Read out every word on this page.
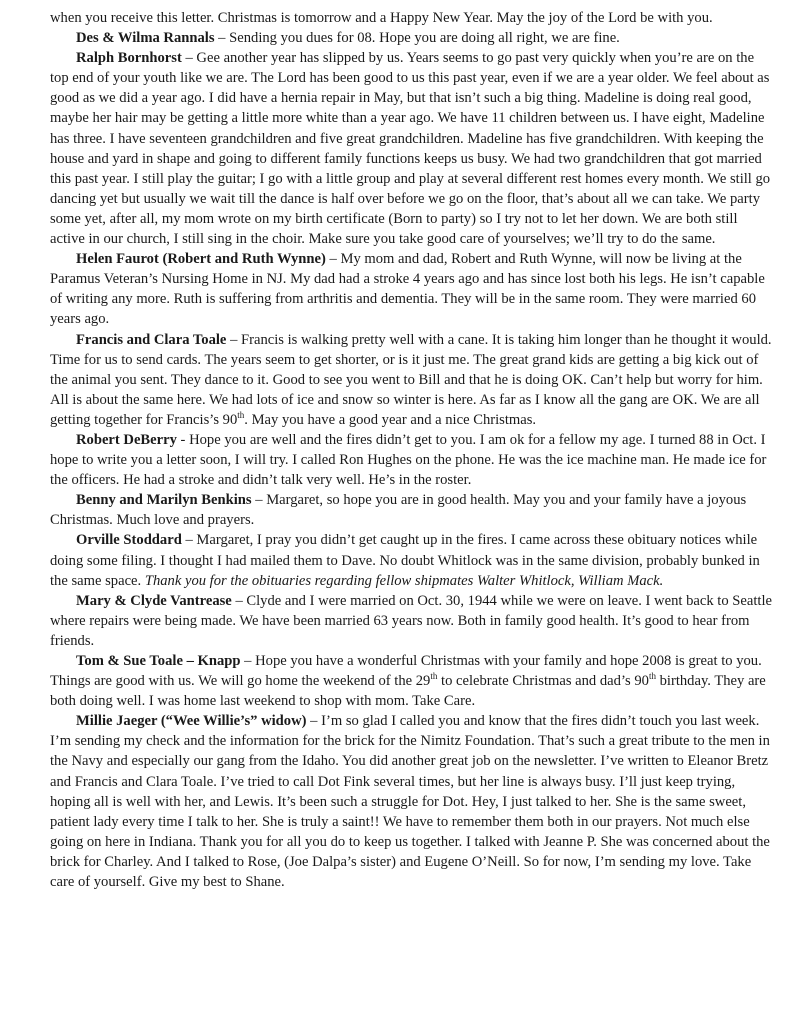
when you receive this letter. Christmas is tomorrow and a Happy New Year. May the joy of the Lord be with you.

Des & Wilma Rannals – Sending you dues for 08. Hope you are doing all right, we are fine.

Ralph Bornhorst – Gee another year has slipped by us. Years seems to go past very quickly when you’re are on the top end of your youth like we are. The Lord has been good to us this past year, even if we are a year older. We feel about as good as we did a year ago. I did have a hernia repair in May, but that isn’t such a big thing. Madeline is doing real good, maybe her hair may be getting a little more white than a year ago. We have 11 children between us. I have eight, Madeline has three. I have seventeen grandchildren and five great grandchildren. Madeline has five grandchildren. With keeping the house and yard in shape and going to different family functions keeps us busy. We had two grandchildren that got married this past year. I still play the guitar; I go with a little group and play at several different rest homes every month. We still go dancing yet but usually we wait till the dance is half over before we go on the floor, that’s about all we can take. We party some yet, after all, my mom wrote on my birth certificate (Born to party) so I try not to let her down. We are both still active in our church, I still sing in the choir. Make sure you take good care of yourselves; we’ll try to do the same.

Helen Faurot (Robert and Ruth Wynne) – My mom and dad, Robert and Ruth Wynne, will now be living at the Paramus Veteran’s Nursing Home in NJ. My dad had a stroke 4 years ago and has since lost both his legs. He isn’t capable of writing any more. Ruth is suffering from arthritis and dementia. They will be in the same room. They were married 60 years ago.

Francis and Clara Toale – Francis is walking pretty well with a cane. It is taking him longer than he thought it would. Time for us to send cards. The years seem to get shorter, or is it just me. The great grand kids are getting a big kick out of the animal you sent. They dance to it. Good to see you went to Bill and that he is doing OK. Can’t help but worry for him. All is about the same here. We had lots of ice and snow so winter is here. As far as I know all the gang are OK. We are all getting together for Francis’s 90th. May you have a good year and a nice Christmas.

Robert DeBerry - Hope you are well and the fires didn’t get to you. I am ok for a fellow my age. I turned 88 in Oct. I hope to write you a letter soon, I will try. I called Ron Hughes on the phone. He was the ice machine man. He made ice for the officers. He had a stroke and didn’t talk very well. He’s in the roster.

Benny and Marilyn Benkins – Margaret, so hope you are in good health. May you and your family have a joyous Christmas. Much love and prayers.

Orville Stoddard – Margaret, I pray you didn’t get caught up in the fires. I came across these obituary notices while doing some filing. I thought I had mailed them to Dave. No doubt Whitlock was in the same division, probably bunked in the same space. Thank you for the obituaries regarding fellow shipmates Walter Whitlock, William Mack.

Mary & Clyde Vantrease – Clyde and I were married on Oct. 30, 1944 while we were on leave. I went back to Seattle where repairs were being made. We have been married 63 years now. Both in family good health. It’s good to hear from friends.

Tom & Sue Toale – Knapp – Hope you have a wonderful Christmas with your family and hope 2008 is great to you. Things are good with us. We will go home the weekend of the 29th to celebrate Christmas and dad’s 90th birthday. They are both doing well. I was home last weekend to shop with mom. Take Care.

Millie Jaeger (“Wee Willie’s” widow) – I’m so glad I called you and know that the fires didn’t touch you last week. I’m sending my check and the information for the brick for the Nimitz Foundation. That’s such a great tribute to the men in the Navy and especially our gang from the Idaho. You did another great job on the newsletter. I’ve written to Eleanor Bretz and Francis and Clara Toale. I’ve tried to call Dot Fink several times, but her line is always busy. I’ll just keep trying, hoping all is well with her, and Lewis. It’s been such a struggle for Dot. Hey, I just talked to her. She is the same sweet, patient lady every time I talk to her. She is truly a saint!! We have to remember them both in our prayers. Not much else going on here in Indiana. Thank you for all you do to keep us together. I talked with Jeanne P. She was concerned about the brick for Charley. And I talked to Rose, (Joe Dalpa’s sister) and Eugene O’Neill. So for now, I’m sending my love. Take care of yourself. Give my best to Shane.
